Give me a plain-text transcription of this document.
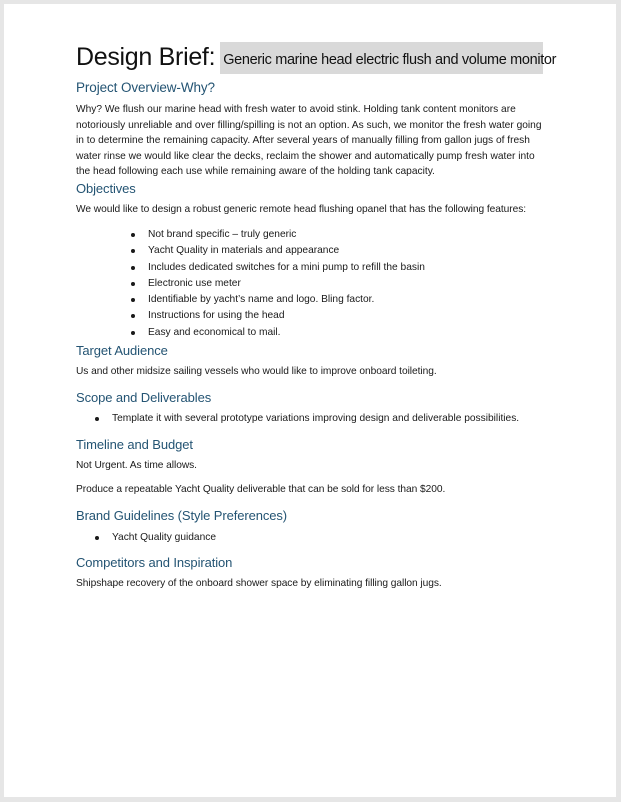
Design Brief: Generic marine head electric flush and volume monitor
Project Overview-Why?
Why? We flush our marine head with fresh water to avoid stink. Holding tank content monitors are
notoriously unreliable and over filling/spilling is not an option. As such, we monitor the fresh water going
in to determine the remaining capacity. After several years of manually filling from gallon jugs of fresh
water rinse we would like clear the decks, reclaim the shower and automatically pump fresh water into
the head following each use while remaining aware of the holding tank capacity.
Objectives
We would like to design a robust generic remote head flushing opanel that has the following features:
Not brand specific – truly generic
Yacht Quality in materials and appearance
Includes dedicated switches for a mini pump to refill the basin
Electronic use meter
Identifiable by yacht’s name and logo. Bling factor.
Instructions for using the head
Easy and economical to mail.
Target Audience
Us and other midsize sailing vessels who would like to improve onboard toileting.
Scope and Deliverables
Template it with several prototype variations improving design and deliverable possibilities.
Timeline and Budget
Not Urgent. As time allows.
Produce a repeatable Yacht Quality deliverable that can be sold for less than $200.
Brand Guidelines (Style Preferences)
Yacht Quality guidance
Competitors and Inspiration
Shipshape recovery of the onboard shower space by eliminating filling gallon jugs.
